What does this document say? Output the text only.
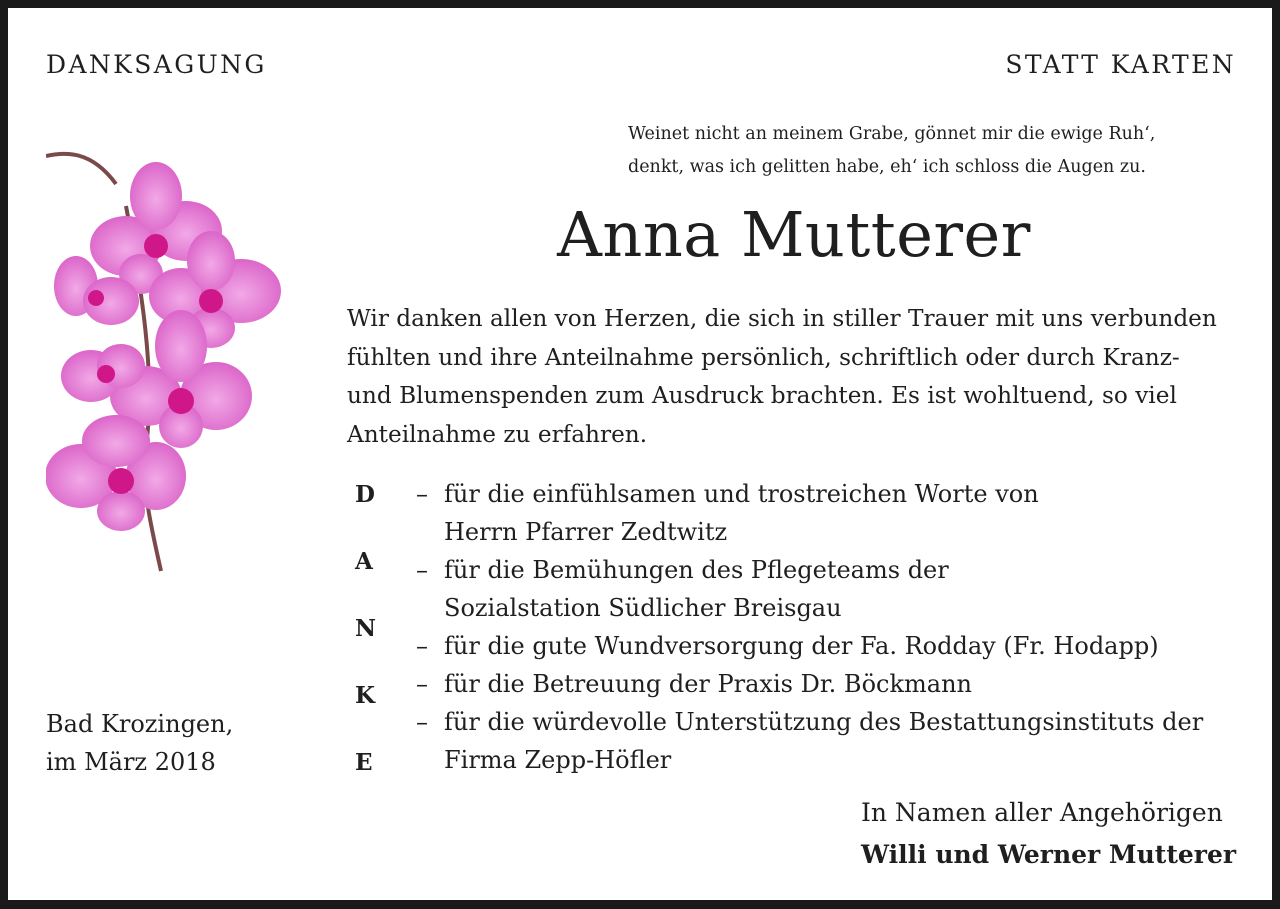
DANKSAGUNG	STATT KARTEN
Weinet nicht an meinem Grabe, gönnet mir die ewige Ruh‘,
denkt, was ich gelitten habe, eh‘ ich schloss die Augen zu.
Anna Mutterer
Wir danken allen von Herzen, die sich in stiller Trauer mit uns verbunden
fühlten und ihre Anteilnahme persönlich, schriftlich oder durch Kranz-
und Blumenspenden zum Ausdruck brachten. Es ist wohltuend, so viel
Anteilnahme zu erfahren.
D
A
N
K
E
– für die einfühlsamen und trostreichen Worte von
Herrn Pfarrer Zedtwitz
– für die Bemühungen des Pflegeteams der
Sozialstation Südlicher Breisgau
– für die gute Wundversorgung der Fa. Rodday (Fr. Hodapp)
– für die Betreuung der Praxis Dr. Böckmann
– für die würdevolle Unterstützung des Bestattungsinstituts der
Firma Zepp-Höfler
Bad Krozingen,
im März 2018
In Namen aller Angehörigen
Willi und Werner Mutterer
